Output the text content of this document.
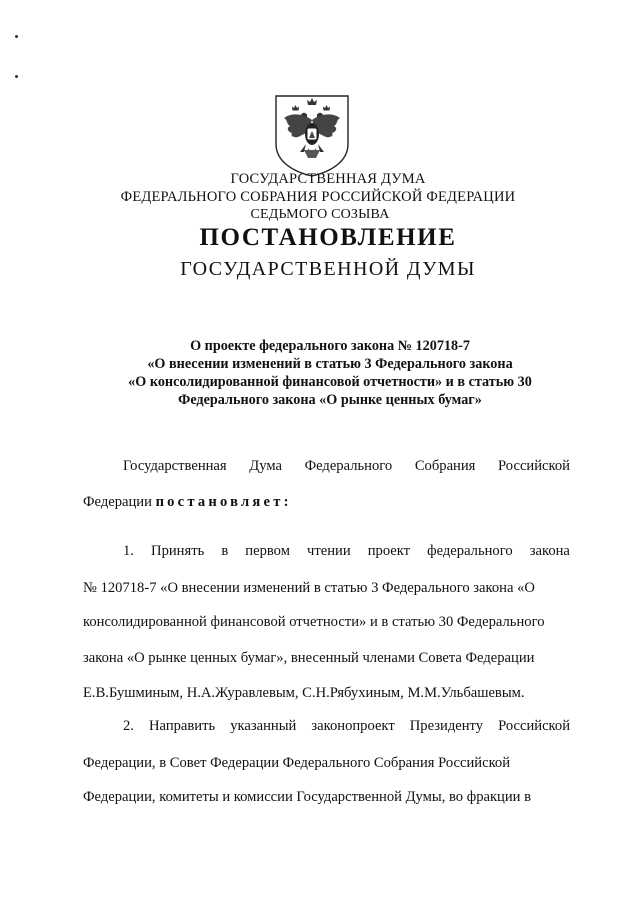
ГОСУДАРСТВЕННАЯ ДУМА
ФЕДЕРАЛЬНОГО СОБРАНИЯ РОССИЙСКОЙ ФЕДЕРАЦИИ
СЕДЬМОГО СОЗЫВА
ПОСТАНОВЛЕНИЕ
ГОСУДАРСТВЕННОЙ ДУМЫ
О проекте федерального закона № 120718-7
«О внесении изменений в статью 3 Федерального закона
«О консолидированной финансовой отчетности» и в статью 30
Федерального закона «О рынке ценных бумаг»
Государственная Дума Федерального Собрания Российской
Федерации постановляет:
1. Принять в первом чтении проект федерального закона
№ 120718-7 «О внесении изменений в статью 3 Федерального закона «О
консолидированной финансовой отчетности» и в статью 30 Федерального
закона «О рынке ценных бумаг», внесенный членами Совета Федерации
Е.В.Бушминым, Н.А.Журавлевым, С.Н.Рябухиным, М.М.Ульбашевым.
2. Направить указанный законопроект Президенту Российской
Федерации, в Совет Федерации Федерального Собрания Российской
Федерации, комитеты и комиссии Государственной Думы, во фракции в
